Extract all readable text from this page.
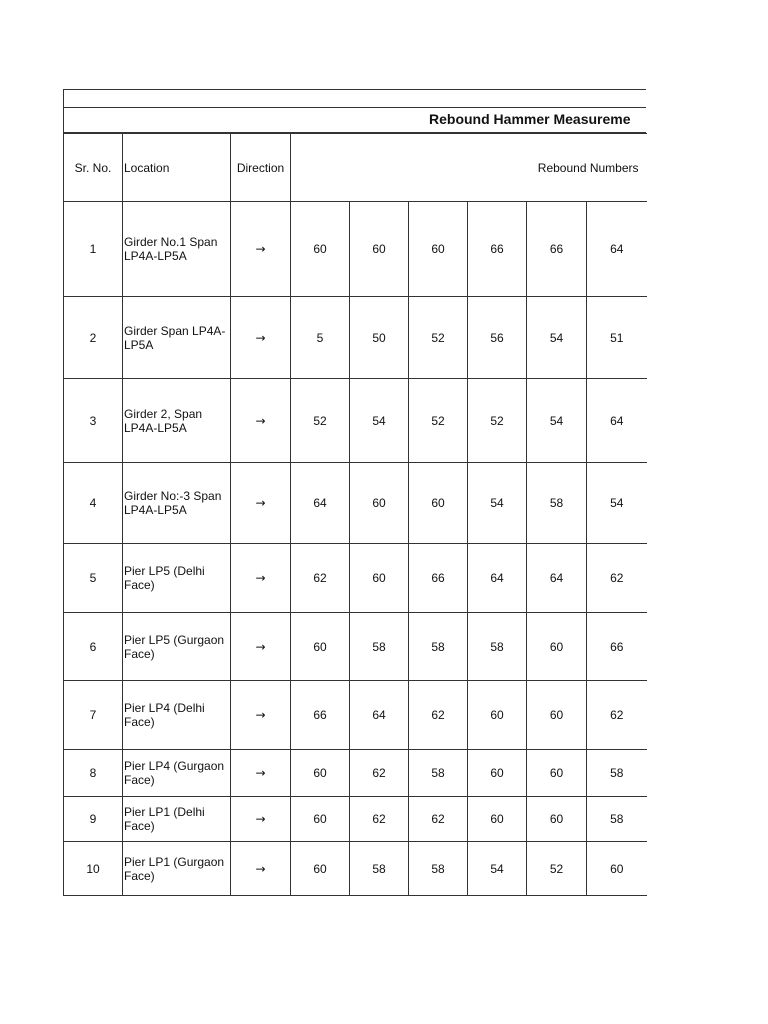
Rebound Hammer Measureme
Sr. No.	Location	Direction	Rebound Numbers					
1	Girder No.1 Span LP4A-LP5A	→	60	60	60	66	66	64
2	Girder Span LP4A-LP5A	→	5	50	52	56	54	51
3	Girder 2, Span LP4A-LP5A	→	52	54	52	52	54	64
4	Girder No:-3 Span LP4A-LP5A	→	64	60	60	54	58	54
5	Pier LP5 (Delhi Face)	→	62	60	66	64	64	62
6	Pier LP5 (Gurgaon Face)	→	60	58	58	58	60	66
7	Pier LP4 (Delhi Face)	→	66	64	62	60	60	62
8	Pier LP4 (Gurgaon Face)	→	60	62	58	60	60	58
9	Pier LP1 (Delhi Face)	→	60	62	62	60	60	58
10	Pier LP1 (Gurgaon Face)	→	60	58	58	54	52	60
